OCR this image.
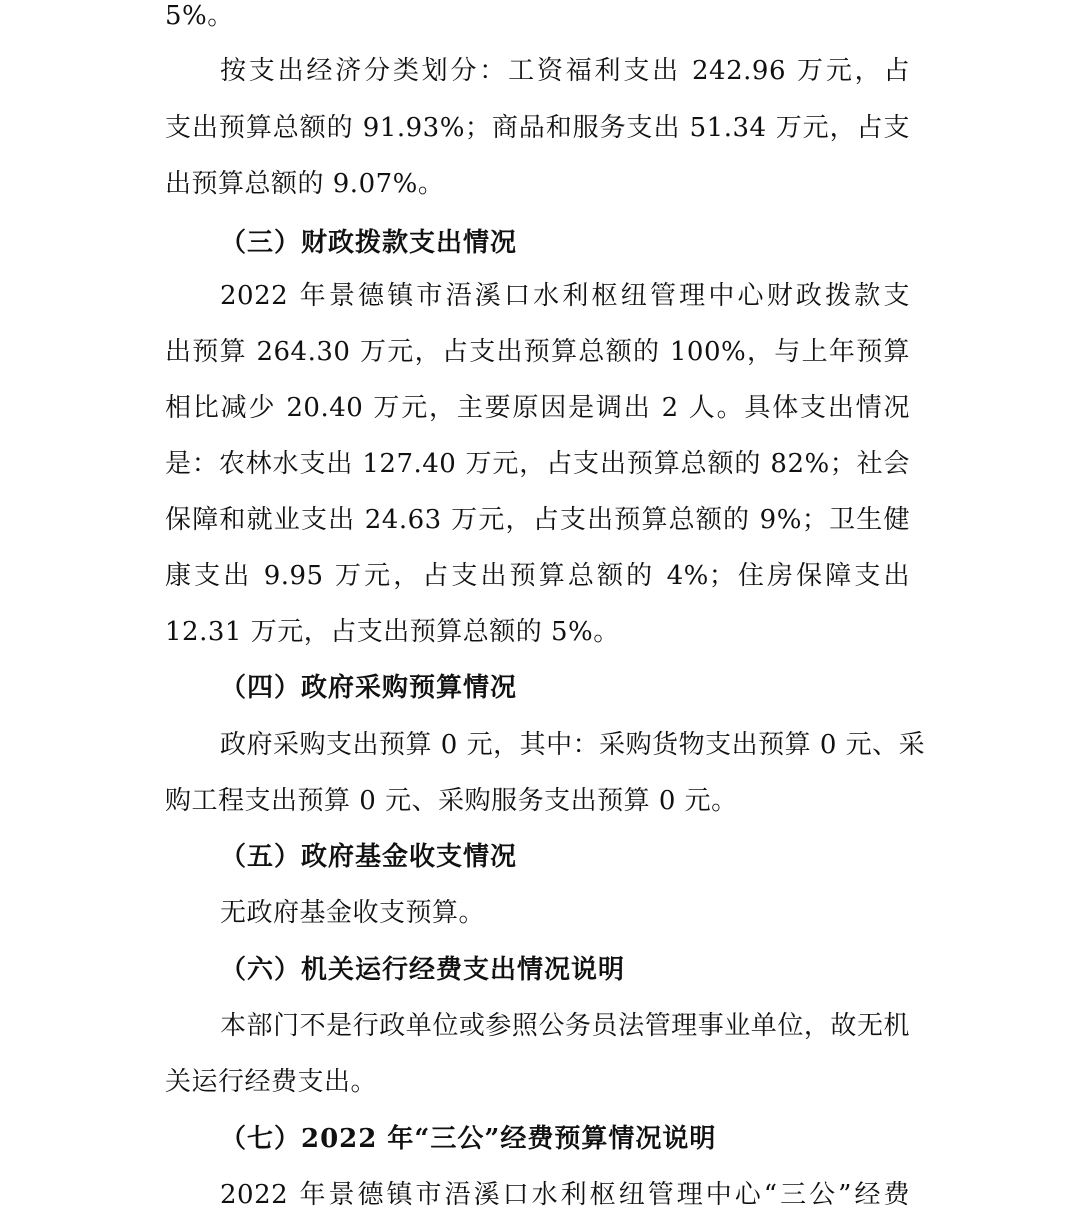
5%。
按支出经济分类划分：工资福利支出 242.96 万元，占
支出预算总额的 91.93%；商品和服务支出 51.34 万元，占支
出预算总额的 9.07%。
（三）财政拨款支出情况
2022 年景德镇市浯溪口水利枢纽管理中心财政拨款支
出预算 264.30 万元，占支出预算总额的 100%，与上年预算
相比减少 20.40 万元，主要原因是调出 2 人。具体支出情况
是：农林水支出 127.40 万元，占支出预算总额的 82%；社会
保障和就业支出 24.63 万元，占支出预算总额的 9%；卫生健
康支出 9.95 万元，占支出预算总额的 4%；住房保障支出
12.31 万元，占支出预算总额的 5%。
（四）政府采购预算情况
政府采购支出预算 0 元，其中：采购货物支出预算 0 元、采
购工程支出预算 0 元、采购服务支出预算 0 元。
（五）政府基金收支情况
无政府基金收支预算。
（六）机关运行经费支出情况说明
本部门不是行政单位或参照公务员法管理事业单位，故无机
关运行经费支出。
（七）2022 年“三公”经费预算情况说明
2022 年景德镇市浯溪口水利枢纽管理中心“三公”经费
